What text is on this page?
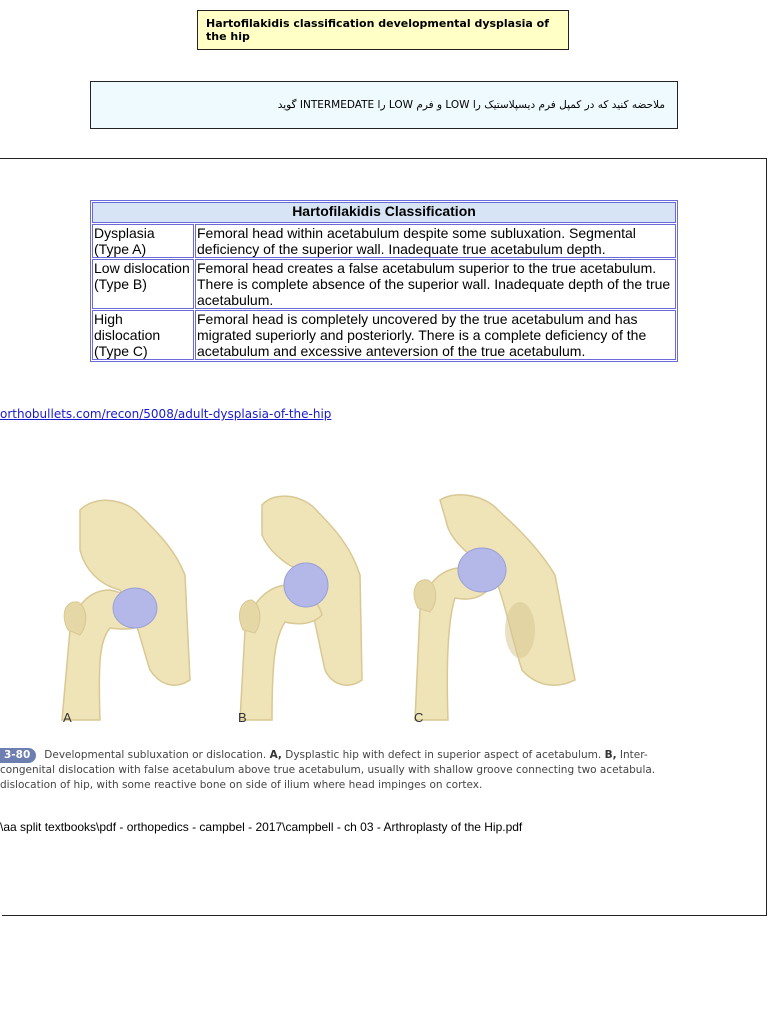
Hartofilakidis classification developmental dysplasia of the hip
ملاحضه کنید که در کمپل فرم دیسپلاستیک را LOW و فرم LOW را INTERMEDATE گوید
Hartofilakidis Classification	
Dysplasia (Type A)	Femoral head within acetabulum despite some subluxation. Segmental deficiency of the superior wall. Inadequate true acetabulum depth.
Low dislocation (Type B)	Femoral head creates a false acetabulum superior to the true acetabulum. There is complete absence of the superior wall. Inadequate depth of the true acetabulum.
High dislocation (Type C)	Femoral head is completely uncovered by the true acetabulum and has migrated superiorly and posteriorly. There is a complete deficiency of the acetabulum and excessive anteversion of the true acetabulum.
orthobullets.com/recon/5008/adult-dysplasia-of-the-hip
A	B	C
3-80 Developmental subluxation or dislocation. A, Dysplastic hip with defect in superior aspect of acetabulum. B, Inter-
congenital dislocation with false acetabulum above true acetabulum, usually with shallow groove connecting two acetabula.
dislocation of hip, with some reactive bone on side of ilium where head impinges on cortex.
\aa split textbooks\pdf - orthopedics - campbel - 2017\campbell - ch 03 - Arthroplasty of the Hip.pdf
